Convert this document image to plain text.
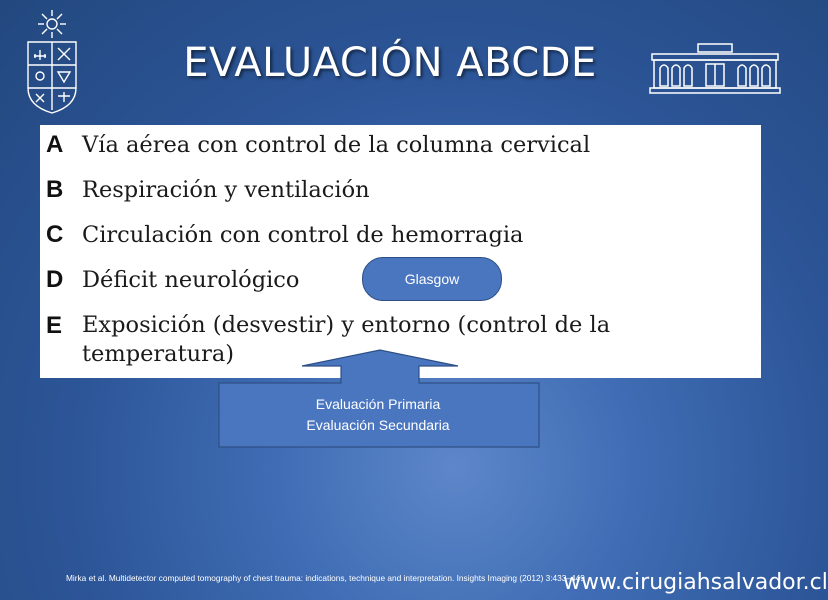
EVALUACIÓN ABCDE
A Vía aérea con control de la columna cervical
B Respiración y ventilación
C Circulación con control de hemorragia
D Déficit neurológico
E Exposición (desvestir) y entorno (control de la temperatura)
Glasgow
Evaluación Primaria
Evaluación Secundaria
Mirka et al. Multidetector computed tomography of chest trauma: indications, technique and interpretation. Insights Imaging (2012) 3:433–449
www.cirugiahsalvador.cl
